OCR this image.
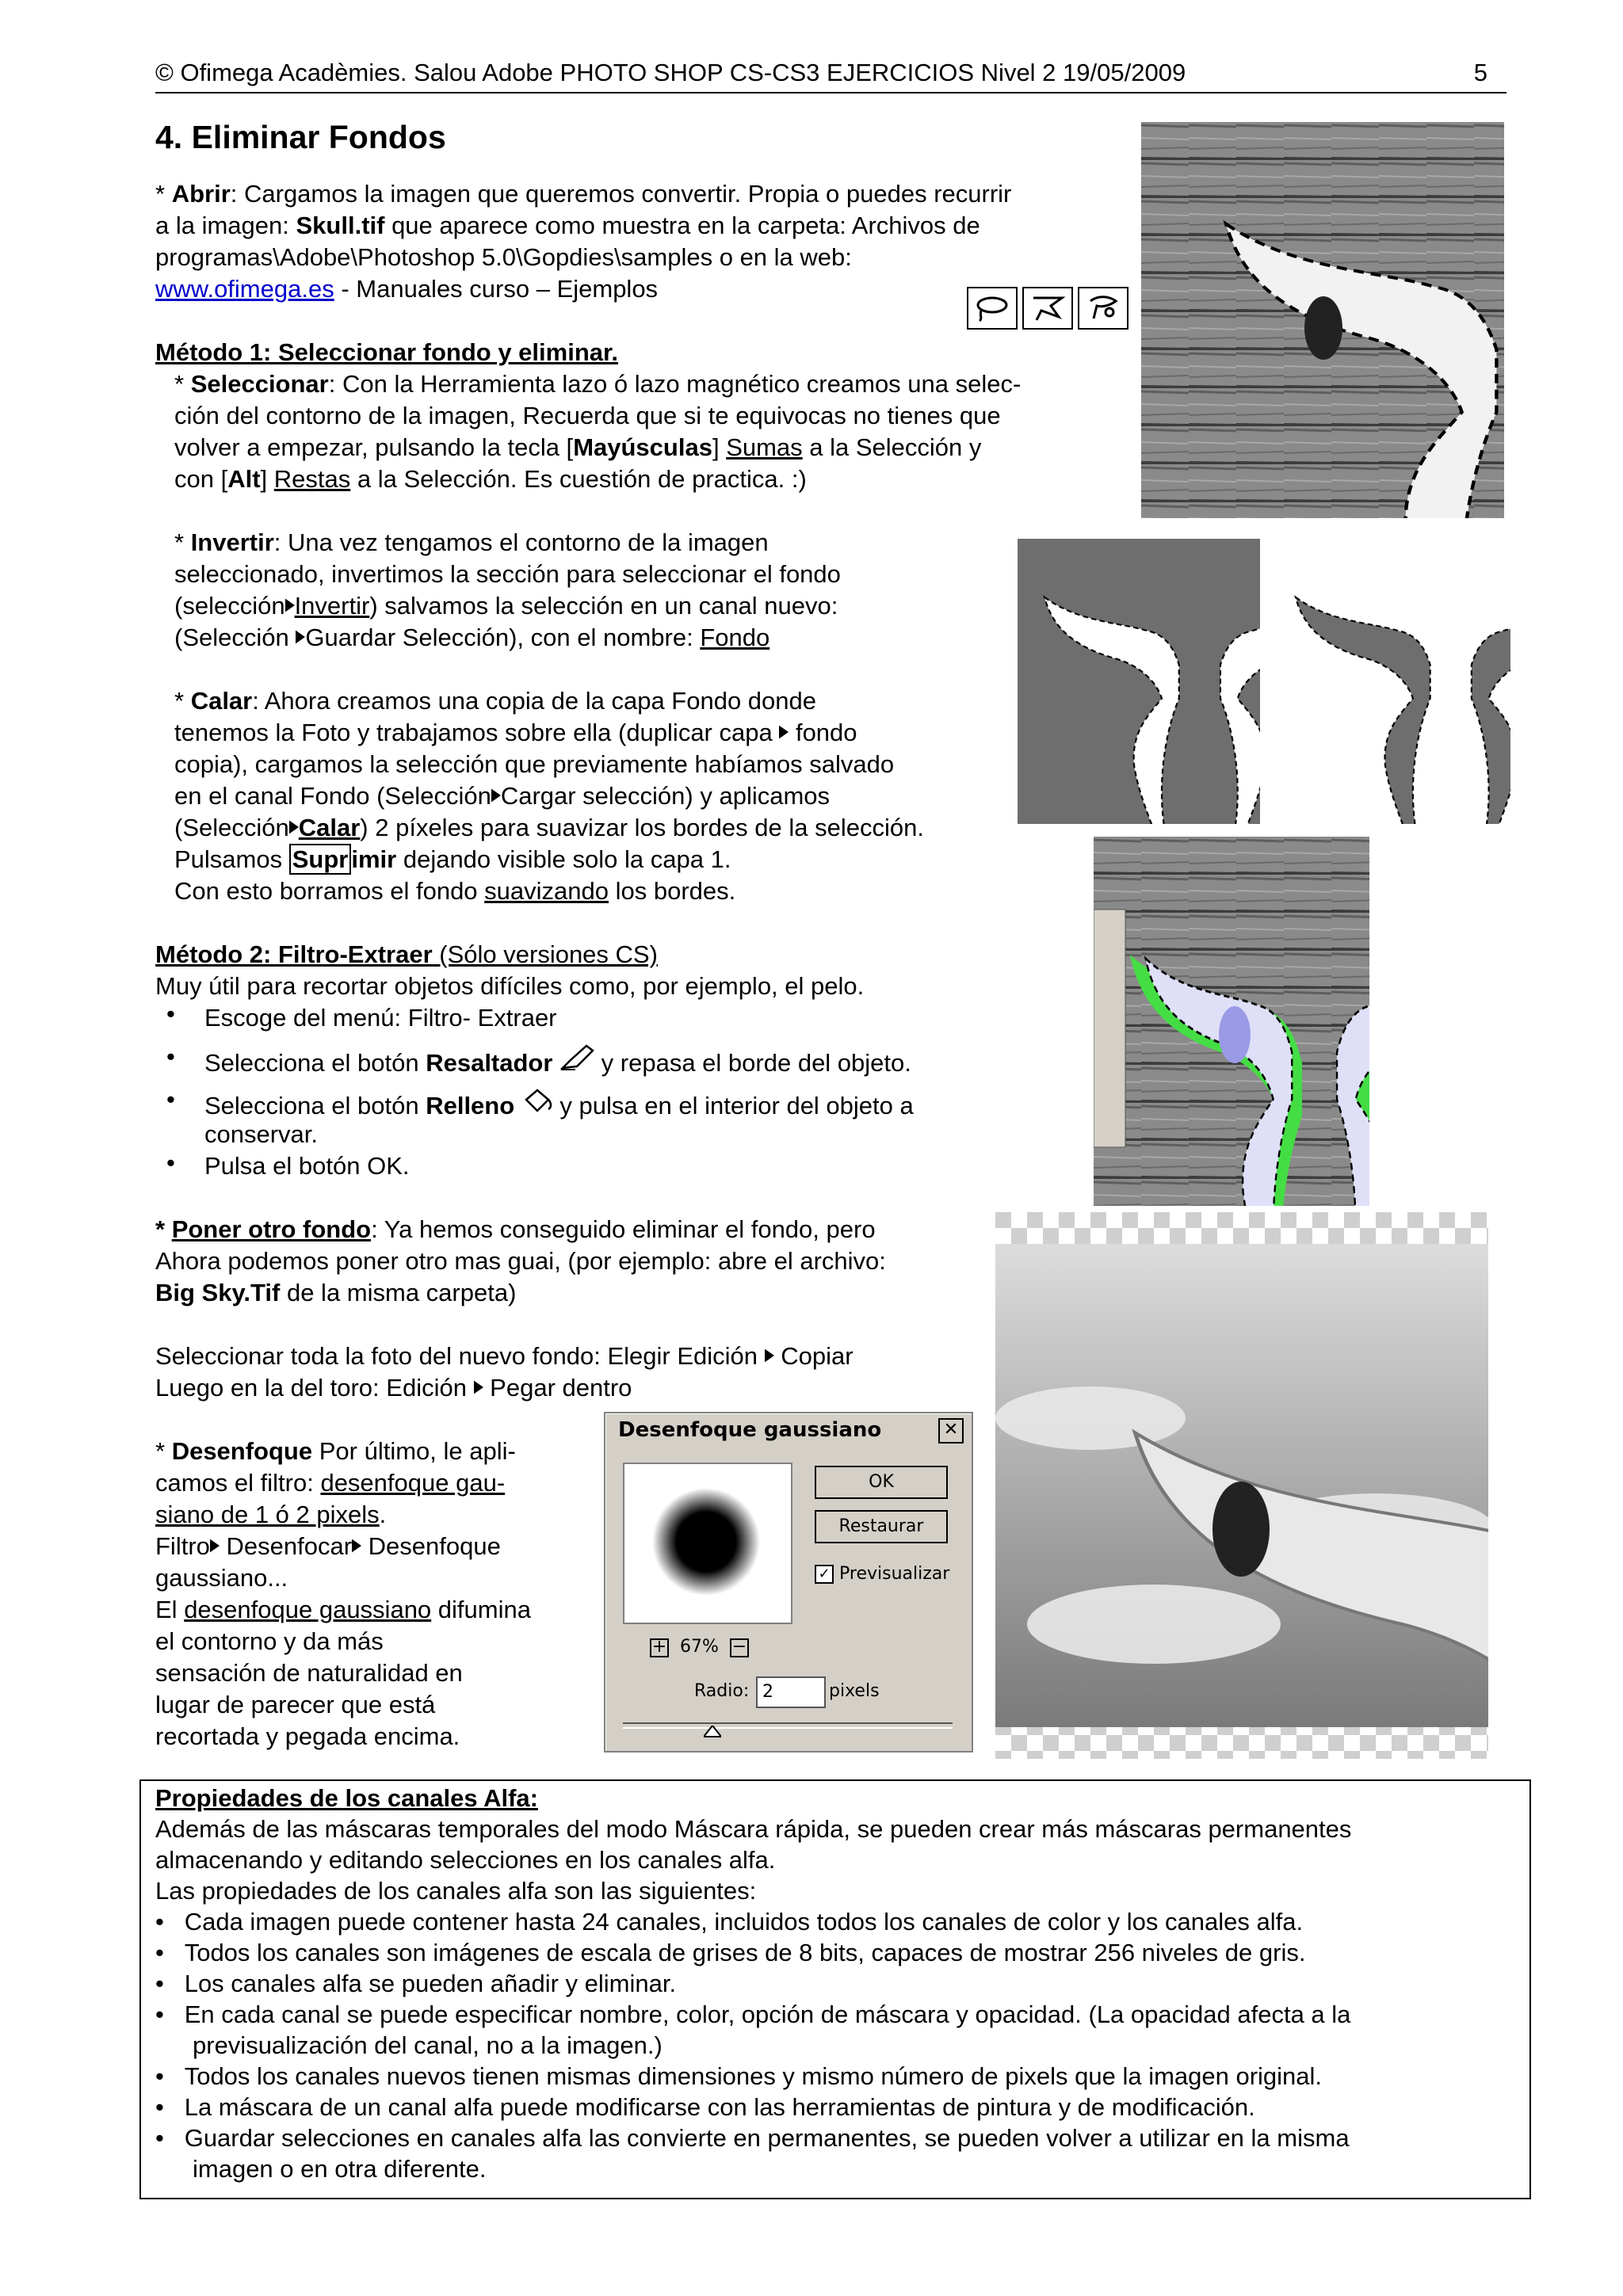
© Ofimega Acadèmies. Salou Adobe PHOTO SHOP CS-CS3 EJERCICIOS Nivel 2 19/05/2009	5
4. Eliminar Fondos
* Abrir: Cargamos la imagen que queremos convertir. Propia o puedes recurrir
a la imagen: Skull.tif que aparece como muestra en la carpeta: Archivos de
programas\Adobe\Photoshop 5.0\Gopdies\samples o en la web:
www.ofimega.es - Manuales curso – Ejemplos
Método 1: Seleccionar fondo y eliminar.
* Seleccionar: Con la Herramienta lazo ó lazo magnético creamos una selec-
ción del contorno de la imagen, Recuerda que si te equivocas no tienes que
volver a empezar, pulsando la tecla [Mayúsculas] Sumas a la Selección y
con [Alt] Restas a la Selección. Es cuestión de practica. :)
* Invertir: Una vez tengamos el contorno de la imagen
seleccionado, invertimos la sección para seleccionar el fondo
(selección Invertir) salvamos la selección en un canal nuevo:
(Selección Guardar Selección), con el nombre: Fondo
* Calar: Ahora creamos una copia de la capa Fondo donde
tenemos la Foto y trabajamos sobre ella (duplicar capa  fondo
copia), cargamos la selección que previamente habíamos salvado
en el canal Fondo (Selección Cargar selección) y aplicamos
(Selección Calar) 2 píxeles para suavizar los bordes de la selección.
Pulsamos Supr imir dejando visible solo la capa 1.
Con esto borramos el fondo suavizando los bordes.
Método 2: Filtro-Extraer (Sólo versiones CS)
Muy útil para recortar objetos difíciles como, por ejemplo, el pelo.
• Escoge del menú: Filtro- Extraer
• Selecciona el botón Resaltador  y repasa el borde del objeto.
• Selecciona el botón Relleno  y pulsa en el interior del objeto a
conservar.
• Pulsa el botón OK.
* Poner otro fondo: Ya hemos conseguido eliminar el fondo, pero
Ahora podemos poner otro mas guai, (por ejemplo: abre el archivo:
Big Sky.Tif de la misma carpeta)
Seleccionar toda la foto del nuevo fondo: Elegir Edición  Copiar
Luego en la del toro: Edición  Pegar dentro
* Desenfoque Por último, le apli-
camos el filtro: desenfoque gau-
siano de 1 ó 2 pixels.
Filtro Desenfocar Desenfoque
gaussiano...
El desenfoque gaussiano difumina
el contorno y da más
sensación de naturalidad en
lugar de parecer que está
recortada y pegada encima.
Desenfoque gaussiano	✕
OK
Restaurar
✓ Previsualizar
+ 67% −
Radio: 2	pixels
Propiedades de los canales Alfa:
Además de las máscaras temporales del modo Máscara rápida, se pueden crear más máscaras permanentes
almacenando y editando selecciones en los canales alfa.
Las propiedades de los canales alfa son las siguientes:
•   Cada imagen puede contener hasta 24 canales, incluidos todos los canales de color y los canales alfa.
•   Todos los canales son imágenes de escala de grises de 8 bits, capaces de mostrar 256 niveles de gris.
•   Los canales alfa se pueden añadir y eliminar.
•   En cada canal se puede especificar nombre, color, opción de máscara y opacidad. (La opacidad afecta a la
previsualización del canal, no a la imagen.)
•   Todos los canales nuevos tienen mismas dimensiones y mismo número de pixels que la imagen original.
•   La máscara de un canal alfa puede modificarse con las herramientas de pintura y de modificación.
•   Guardar selecciones en canales alfa las convierte en permanentes, se pueden volver a utilizar en la misma
imagen o en otra diferente.
